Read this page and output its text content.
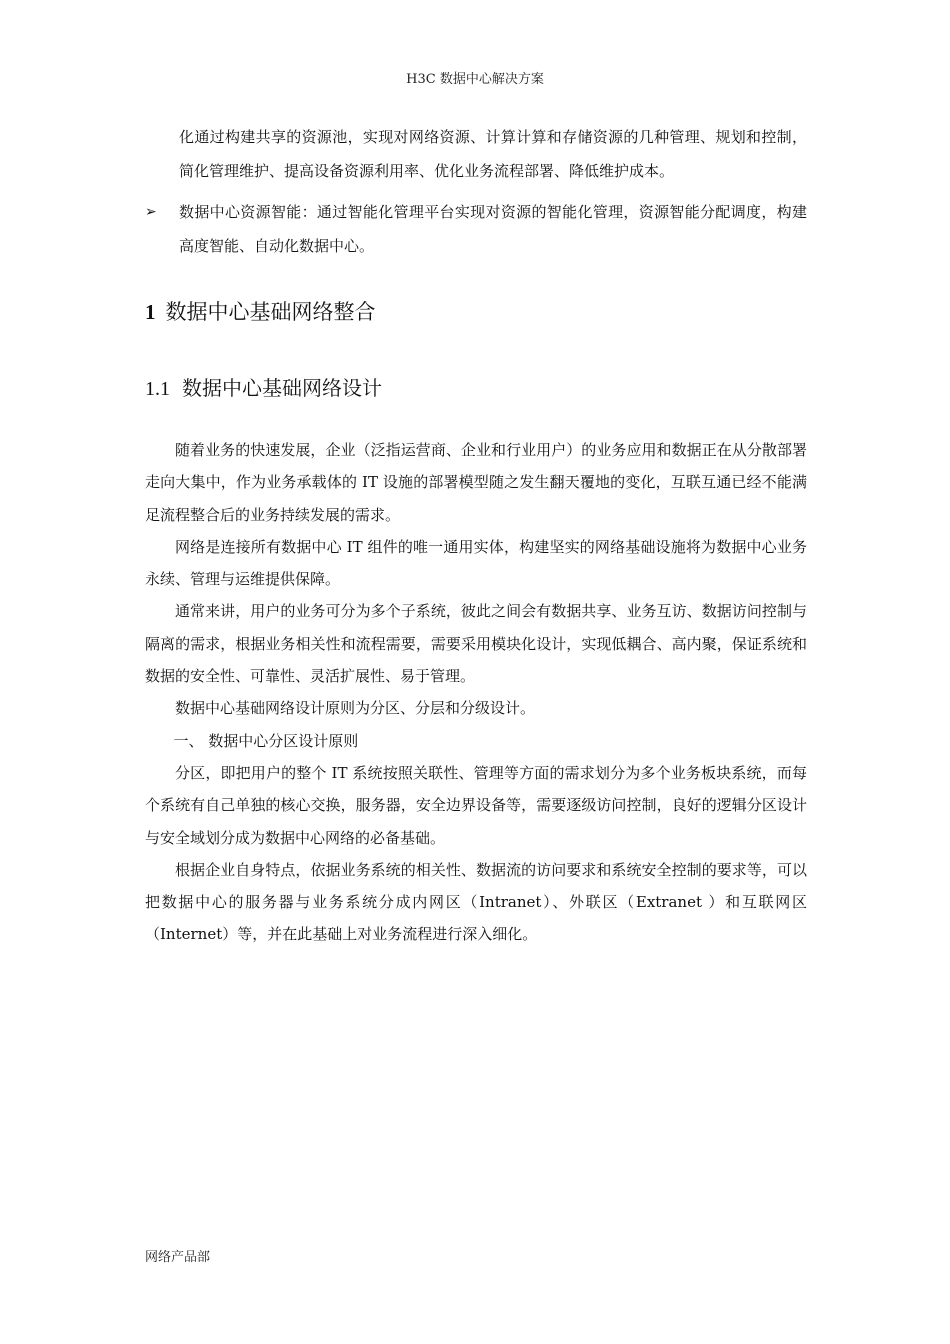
H3C 数据中心解决方案
化通过构建共享的资源池，实现对网络资源、计算计算和存储资源的几种管理、规划和控制，简化管理维护、提高设备资源利用率、优化业务流程部署、降低维护成本。
➢ 数据中心资源智能：通过智能化管理平台实现对资源的智能化管理，资源智能分配调度，构建高度智能、自动化数据中心。
1 数据中心基础网络整合
1.1 数据中心基础网络设计

随着业务的快速发展，企业（泛指运营商、企业和行业用户）的业务应用和数据正在从分散部署走向大集中，作为业务承载体的 IT 设施的部署模型随之发生翻天覆地的变化，互联互通已经不能满足流程整合后的业务持续发展的需求。

网络是连接所有数据中心 IT 组件的唯一通用实体，构建坚实的网络基础设施将为数据中心业务永续、管理与运维提供保障。

通常来讲，用户的业务可分为多个子系统，彼此之间会有数据共享、业务互访、数据访问控制与隔离的需求，根据业务相关性和流程需要，需要采用模块化设计，实现低耦合、高内聚，保证系统和数据的安全性、可靠性、灵活扩展性、易于管理。

数据中心基础网络设计原则为分区、分层和分级设计。

一、 数据中心分区设计原则

分区，即把用户的整个 IT 系统按照关联性、管理等方面的需求划分为多个业务板块系统，而每个系统有自己单独的核心交换，服务器，安全边界设备等，需要逐级访问控制，良好的逻辑分区设计与安全域划分成为数据中心网络的必备基础。

根据企业自身特点，依据业务系统的相关性、数据流的访问要求和系统安全控制的要求等，可以把数据中心的服务器与业务系统分成内网区（Intranet）、外联区（Extranet ）和互联网区（Internet）等，并在此基础上对业务流程进行深入细化。

网络产品部
